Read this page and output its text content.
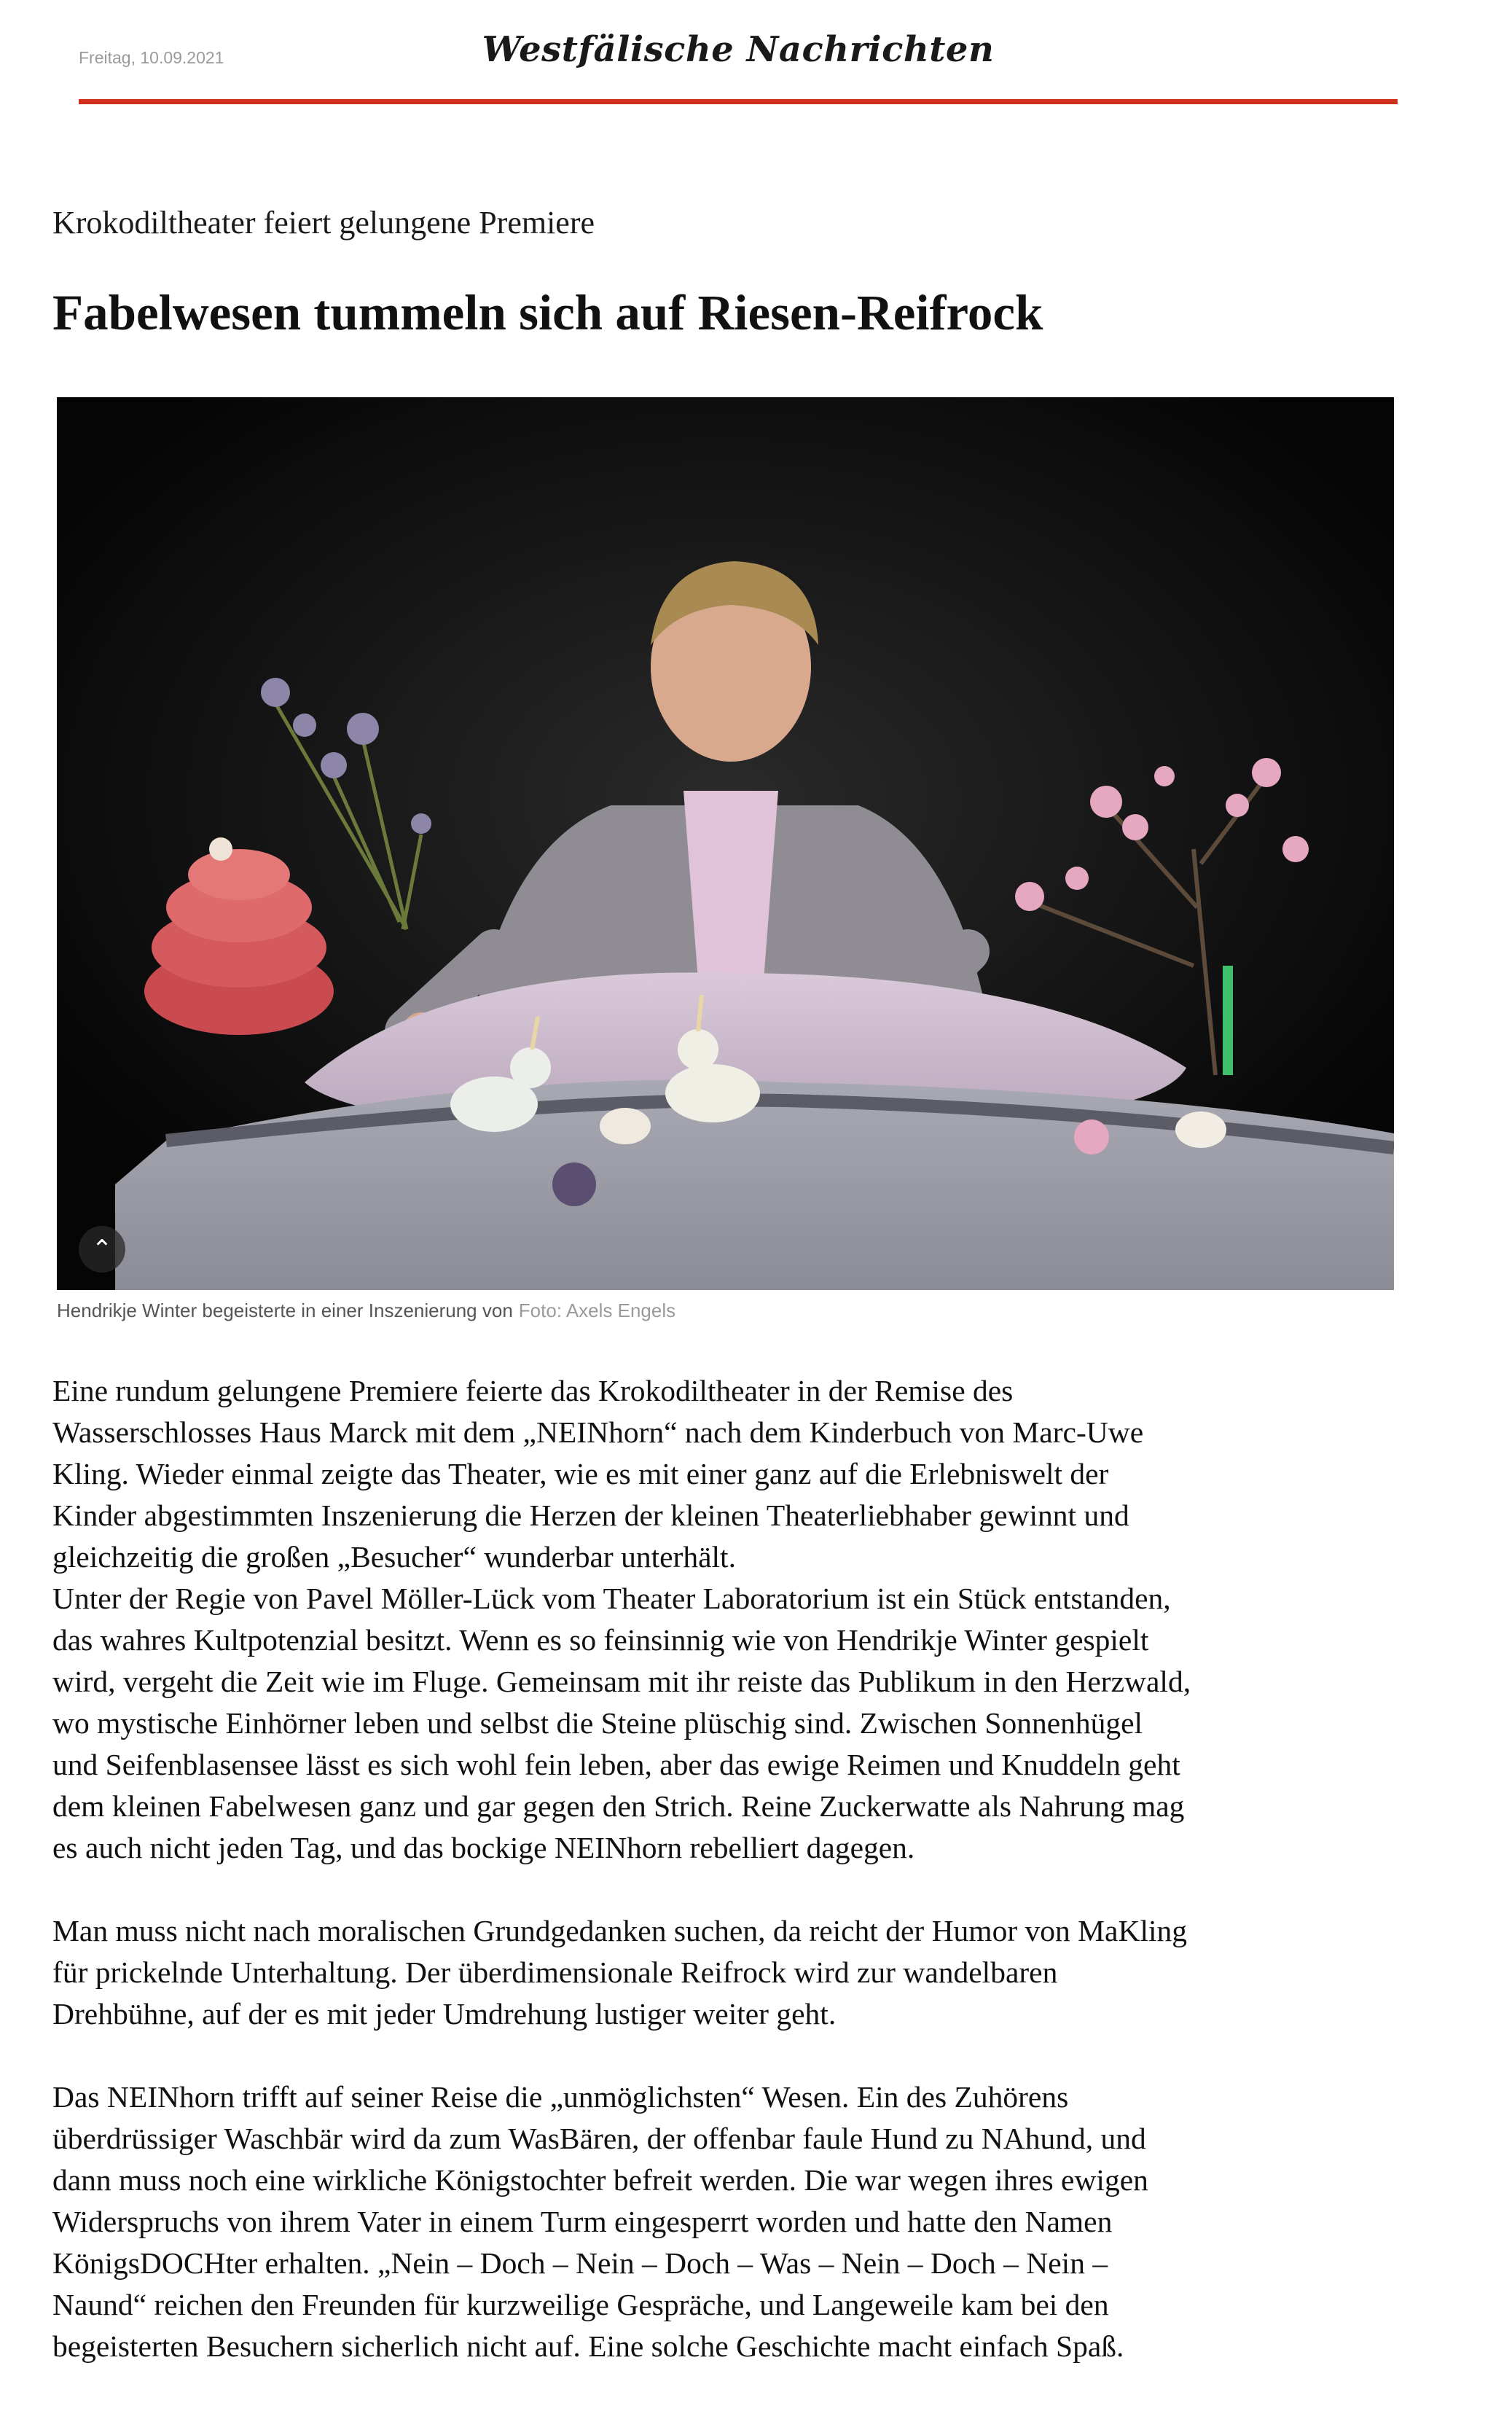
Freitag, 10.09.2021	Westfälische Nachrichten
Krokodiltheater feiert gelungene Premiere
Fabelwesen tummeln sich auf Riesen-Reifrock
⌃
Hendrikje Winter begeisterte in einer Inszenierung von Foto: Axels Engels
Eine rundum gelungene Premiere feierte das Krokodiltheater in der Remise des
Wasserschlosses Haus Marck mit dem „NEINhorn“ nach dem Kinderbuch von Marc-Uwe
Kling. Wieder einmal zeigte das Theater, wie es mit einer ganz auf die Erlebniswelt der
Kinder abgestimmten Inszenierung die Herzen der kleinen Theaterliebhaber gewinnt und
gleichzeitig die großen „Besucher“ wunderbar unterhält.
Unter der Regie von Pavel Möller-Lück vom Theater Laboratorium ist ein Stück entstanden,
das wahres Kultpotenzial besitzt. Wenn es so feinsinnig wie von Hendrikje Winter gespielt
wird, vergeht die Zeit wie im Fluge. Gemeinsam mit ihr reiste das Publikum in den Herzwald,
wo mystische Einhörner leben und selbst die Steine plüschig sind. Zwischen Sonnenhügel
und Seifenblasensee lässt es sich wohl fein leben, aber das ewige Reimen und Knuddeln geht
dem kleinen Fabelwesen ganz und gar gegen den Strich. Reine Zuckerwatte als Nahrung mag
es auch nicht jeden Tag, und das bockige NEINhorn rebelliert dagegen.
Man muss nicht nach moralischen Grundgedanken suchen, da reicht der Humor von MaKling
für prickelnde Unterhaltung. Der überdimensionale Reifrock wird zur wandelbaren
Drehbühne, auf der es mit jeder Umdrehung lustiger weiter geht.
Das NEINhorn trifft auf seiner Reise die „unmöglichsten“ Wesen. Ein des Zuhörens
überdrüssiger Waschbär wird da zum WasBären, der offenbar faule Hund zu NAhund, und
dann muss noch eine wirkliche Königstochter befreit werden. Die war wegen ihres ewigen
Widerspruchs von ihrem Vater in einem Turm eingesperrt worden und hatte den Namen
KönigsDOCHter erhalten. „Nein – Doch – Nein – Doch – Was – Nein – Doch – Nein –
Naund“ reichen den Freunden für kurzweilige Gespräche, und Langeweile kam bei den
begeisterten Besuchern sicherlich nicht auf. Eine solche Geschichte macht einfach Spaß.
